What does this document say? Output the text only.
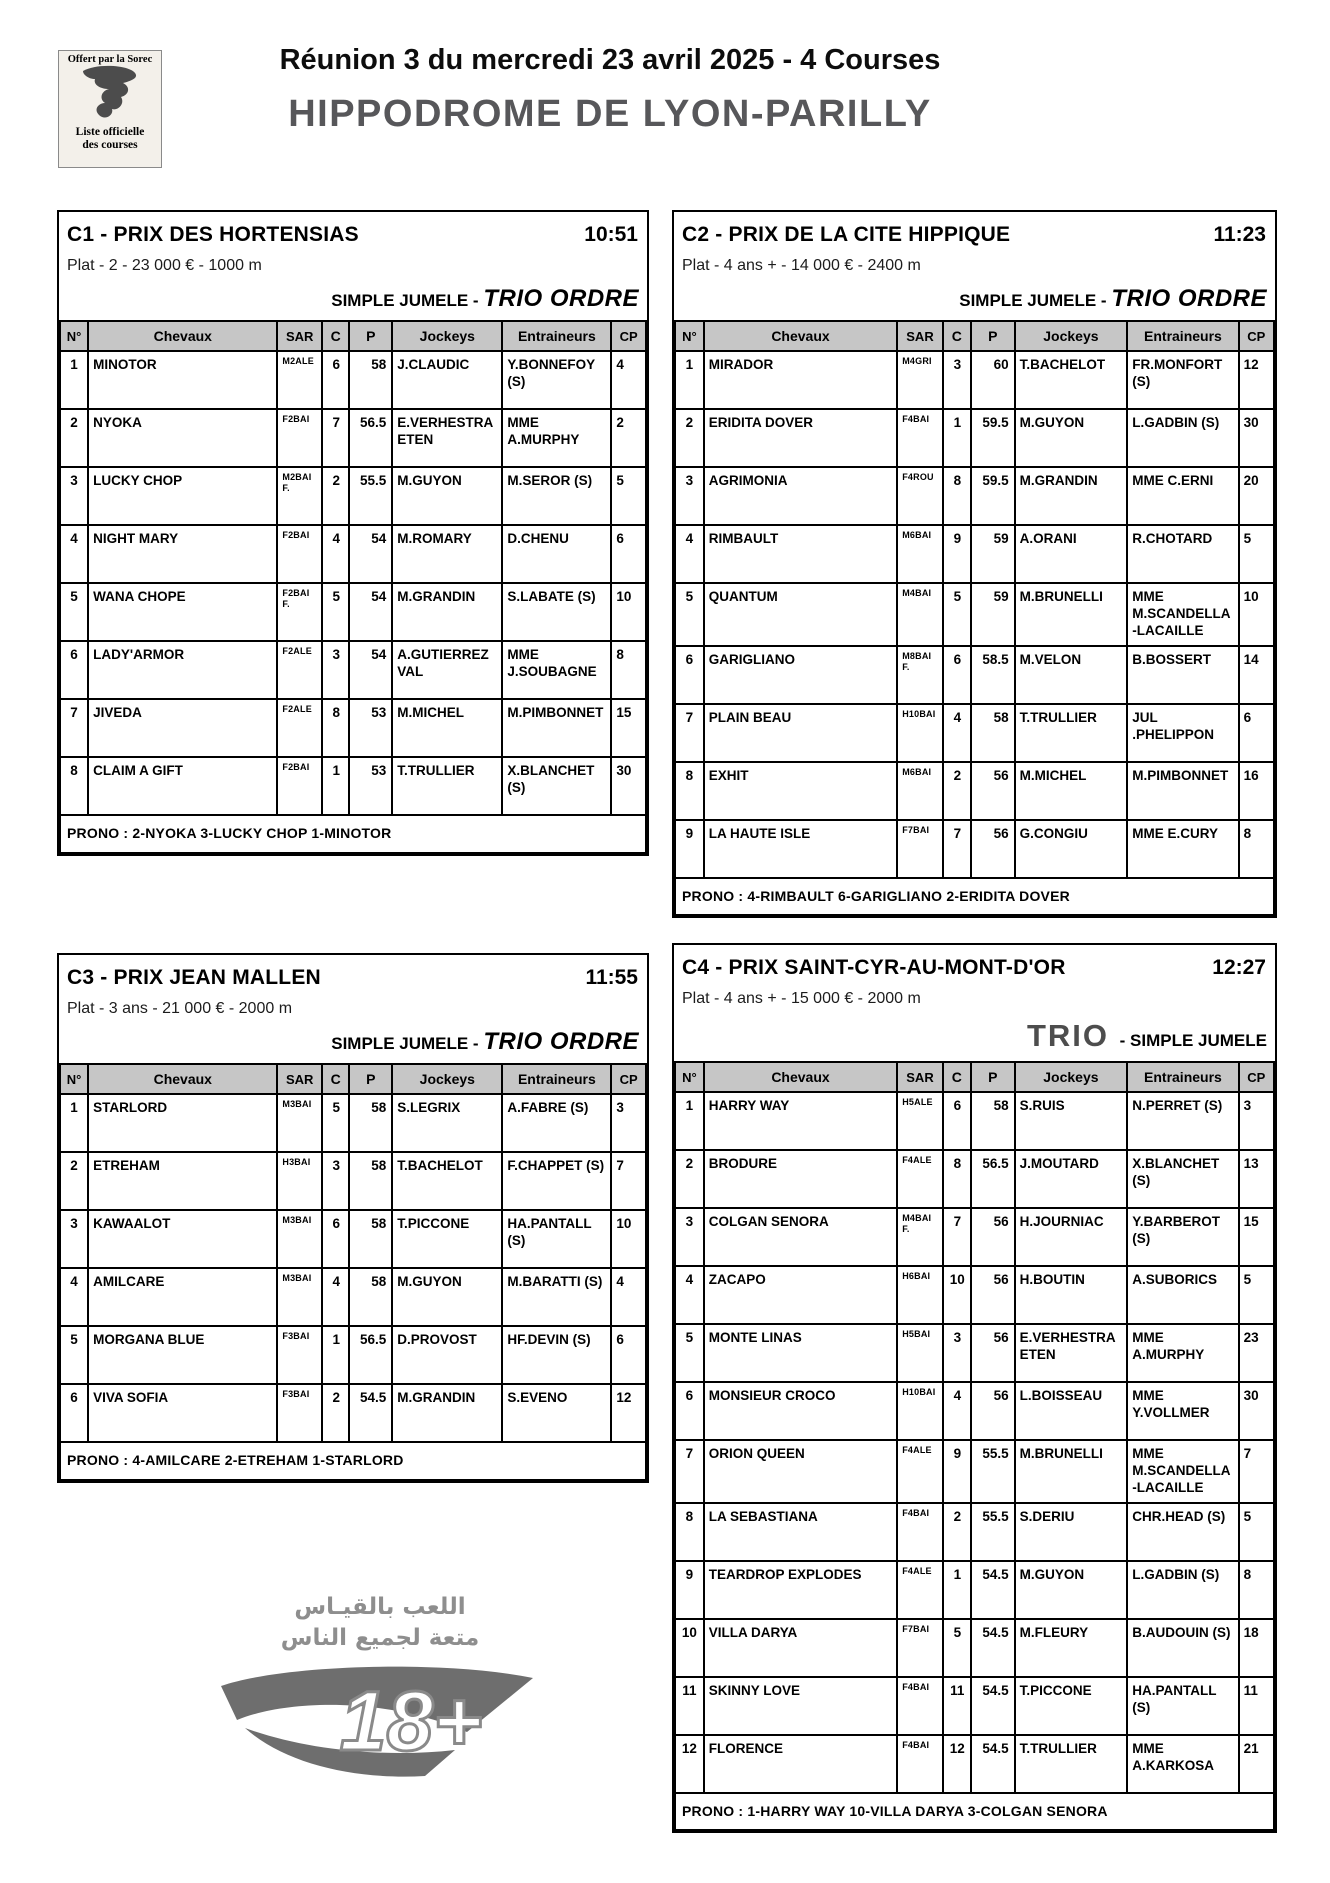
Offert par la Sorec
Liste officielle
des courses
Réunion 3 du mercredi 23 avril 2025 - 4 Courses
HIPPODROME DE LYON-PARILLY
اللعب بالقيـاس
متعة لجميع الناس
18+
C1 - PRIX DES HORTENSIAS	10:51
Plat - 2 - 23 000 € - 1000 m
SIMPLE JUMELE - TRIO ORDRE
N°	Chevaux	SAR	C	P	Jockeys	Entraineurs	CP
1	MINOTOR	M2ALE	6	58	J.CLAUDIC	Y.BONNEFOY (S)	4
2	NYOKA	F2BAI	7	56.5	E.VERHESTRAETEN	MME A.MURPHY	2
3	LUCKY CHOP	M2BAI F.	2	55.5	M.GUYON	M.SEROR (S)	5
4	NIGHT MARY	F2BAI	4	54	M.ROMARY	D.CHENU	6
5	WANA CHOPE	F2BAI F.	5	54	M.GRANDIN	S.LABATE (S)	10
6	LADY'ARMOR	F2ALE	3	54	A.GUTIERREZ VAL	MME J.SOUBAGNE	8
7	JIVEDA	F2ALE	8	53	M.MICHEL	M.PIMBONNET	15
8	CLAIM A GIFT	F2BAI	1	53	T.TRULLIER	X.BLANCHET (S)	30
PRONO : 2-NYOKA 3-LUCKY CHOP 1-MINOTOR							
C2 - PRIX DE LA CITE HIPPIQUE	11:23
Plat - 4 ans + - 14 000 € - 2400 m
SIMPLE JUMELE - TRIO ORDRE
N°	Chevaux	SAR	C	P	Jockeys	Entraineurs	CP
1	MIRADOR	M4GRI	3	60	T.BACHELOT	FR.MONFORT (S)	12
2	ERIDITA DOVER	F4BAI	1	59.5	M.GUYON	L.GADBIN (S)	30
3	AGRIMONIA	F4ROU	8	59.5	M.GRANDIN	MME C.ERNI	20
4	RIMBAULT	M6BAI	9	59	A.ORANI	R.CHOTARD	5
5	QUANTUM	M4BAI	5	59	M.BRUNELLI	MME M.SCANDELLA-LACAILLE	10
6	GARIGLIANO	M8BAI F.	6	58.5	M.VELON	B.BOSSERT	14
7	PLAIN BEAU	H10BAI	4	58	T.TRULLIER	JUL .PHELIPPON	6
8	EXHIT	M6BAI	2	56	M.MICHEL	M.PIMBONNET	16
9	LA HAUTE ISLE	F7BAI	7	56	G.CONGIU	MME E.CURY	8
PRONO : 4-RIMBAULT 6-GARIGLIANO 2-ERIDITA DOVER							
C3 - PRIX JEAN MALLEN	11:55
Plat - 3 ans - 21 000 € - 2000 m
SIMPLE JUMELE - TRIO ORDRE
N°	Chevaux	SAR	C	P	Jockeys	Entraineurs	CP
1	STARLORD	M3BAI	5	58	S.LEGRIX	A.FABRE (S)	3
2	ETREHAM	H3BAI	3	58	T.BACHELOT	F.CHAPPET (S)	7
3	KAWAALOT	M3BAI	6	58	T.PICCONE	HA.PANTALL (S)	10
4	AMILCARE	M3BAI	4	58	M.GUYON	M.BARATTI (S)	4
5	MORGANA BLUE	F3BAI	1	56.5	D.PROVOST	HF.DEVIN (S)	6
6	VIVA SOFIA	F3BAI	2	54.5	M.GRANDIN	S.EVENO	12
PRONO : 4-AMILCARE 2-ETREHAM 1-STARLORD							
C4 - PRIX SAINT-CYR-AU-MONT-D'OR	12:27
Plat - 4 ans + - 15 000 € - 2000 m
TRIO - SIMPLE JUMELE
N°	Chevaux	SAR	C	P	Jockeys	Entraineurs	CP
1	HARRY WAY	H5ALE	6	58	S.RUIS	N.PERRET (S)	3
2	BRODURE	F4ALE	8	56.5	J.MOUTARD	X.BLANCHET (S)	13
3	COLGAN SENORA	M4BAI F.	7	56	H.JOURNIAC	Y.BARBEROT (S)	15
4	ZACAPO	H6BAI	10	56	H.BOUTIN	A.SUBORICS	5
5	MONTE LINAS	H5BAI	3	56	E.VERHESTRAETEN	MME A.MURPHY	23
6	MONSIEUR CROCO	H10BAI	4	56	L.BOISSEAU	MME Y.VOLLMER	30
7	ORION QUEEN	F4ALE	9	55.5	M.BRUNELLI	MME M.SCANDELLA-LACAILLE	7
8	LA SEBASTIANA	F4BAI	2	55.5	S.DERIU	CHR.HEAD (S)	5
9	TEARDROP EXPLODES	F4ALE	1	54.5	M.GUYON	L.GADBIN (S)	8
10	VILLA DARYA	F7BAI	5	54.5	M.FLEURY	B.AUDOUIN (S)	18
11	SKINNY LOVE	F4BAI	11	54.5	T.PICCONE	HA.PANTALL (S)	11
12	FLORENCE	F4BAI	12	54.5	T.TRULLIER	MME A.KARKOSA	21
PRONO : 1-HARRY WAY 10-VILLA DARYA 3-COLGAN SENORA							
